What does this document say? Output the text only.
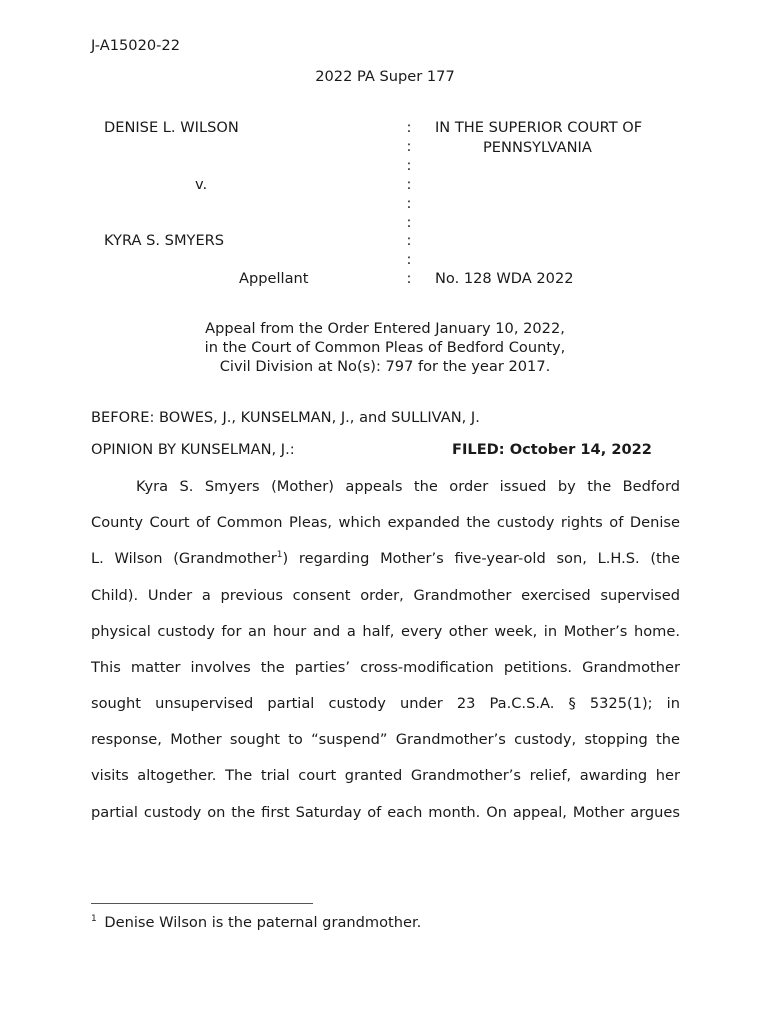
J-A15020-22
2022 PA Super 177
DENISE L. WILSON
v.
KYRA S. SMYERS
Appellant
:
:
:
:
:
:
:
:
:
IN THE SUPERIOR COURT OF
PENNSYLVANIA
No. 128 WDA 2022
Appeal from the Order Entered January 10, 2022,
in the Court of Common Pleas of Bedford County,
Civil Division at No(s): 797 for the year 2017.
BEFORE: BOWES, J., KUNSELMAN, J., and SULLIVAN, J.
OPINION BY KUNSELMAN, J.:	FILED: October 14, 2022
Kyra S. Smyers (Mother) appeals the order issued by the Bedford
County Court of Common Pleas, which expanded the custody rights of Denise
L. Wilson (Grandmother$^1$) regarding Mother’s five-year-old son, L.H.S. (the
Child). Under a previous consent order, Grandmother exercised supervised
physical custody for an hour and a half, every other week, in Mother’s home.
This matter involves the parties’ cross-modification petitions. Grandmother
sought unsupervised partial custody under 23 Pa.C.S.A. § 5325(1); in
response, Mother sought to “suspend” Grandmother’s custody, stopping the
visits altogether. The trial court granted Grandmother’s relief, awarding her
partial custody on the first Saturday of each month. On appeal, Mother argues
$^1$ Denise Wilson is the paternal grandmother.
